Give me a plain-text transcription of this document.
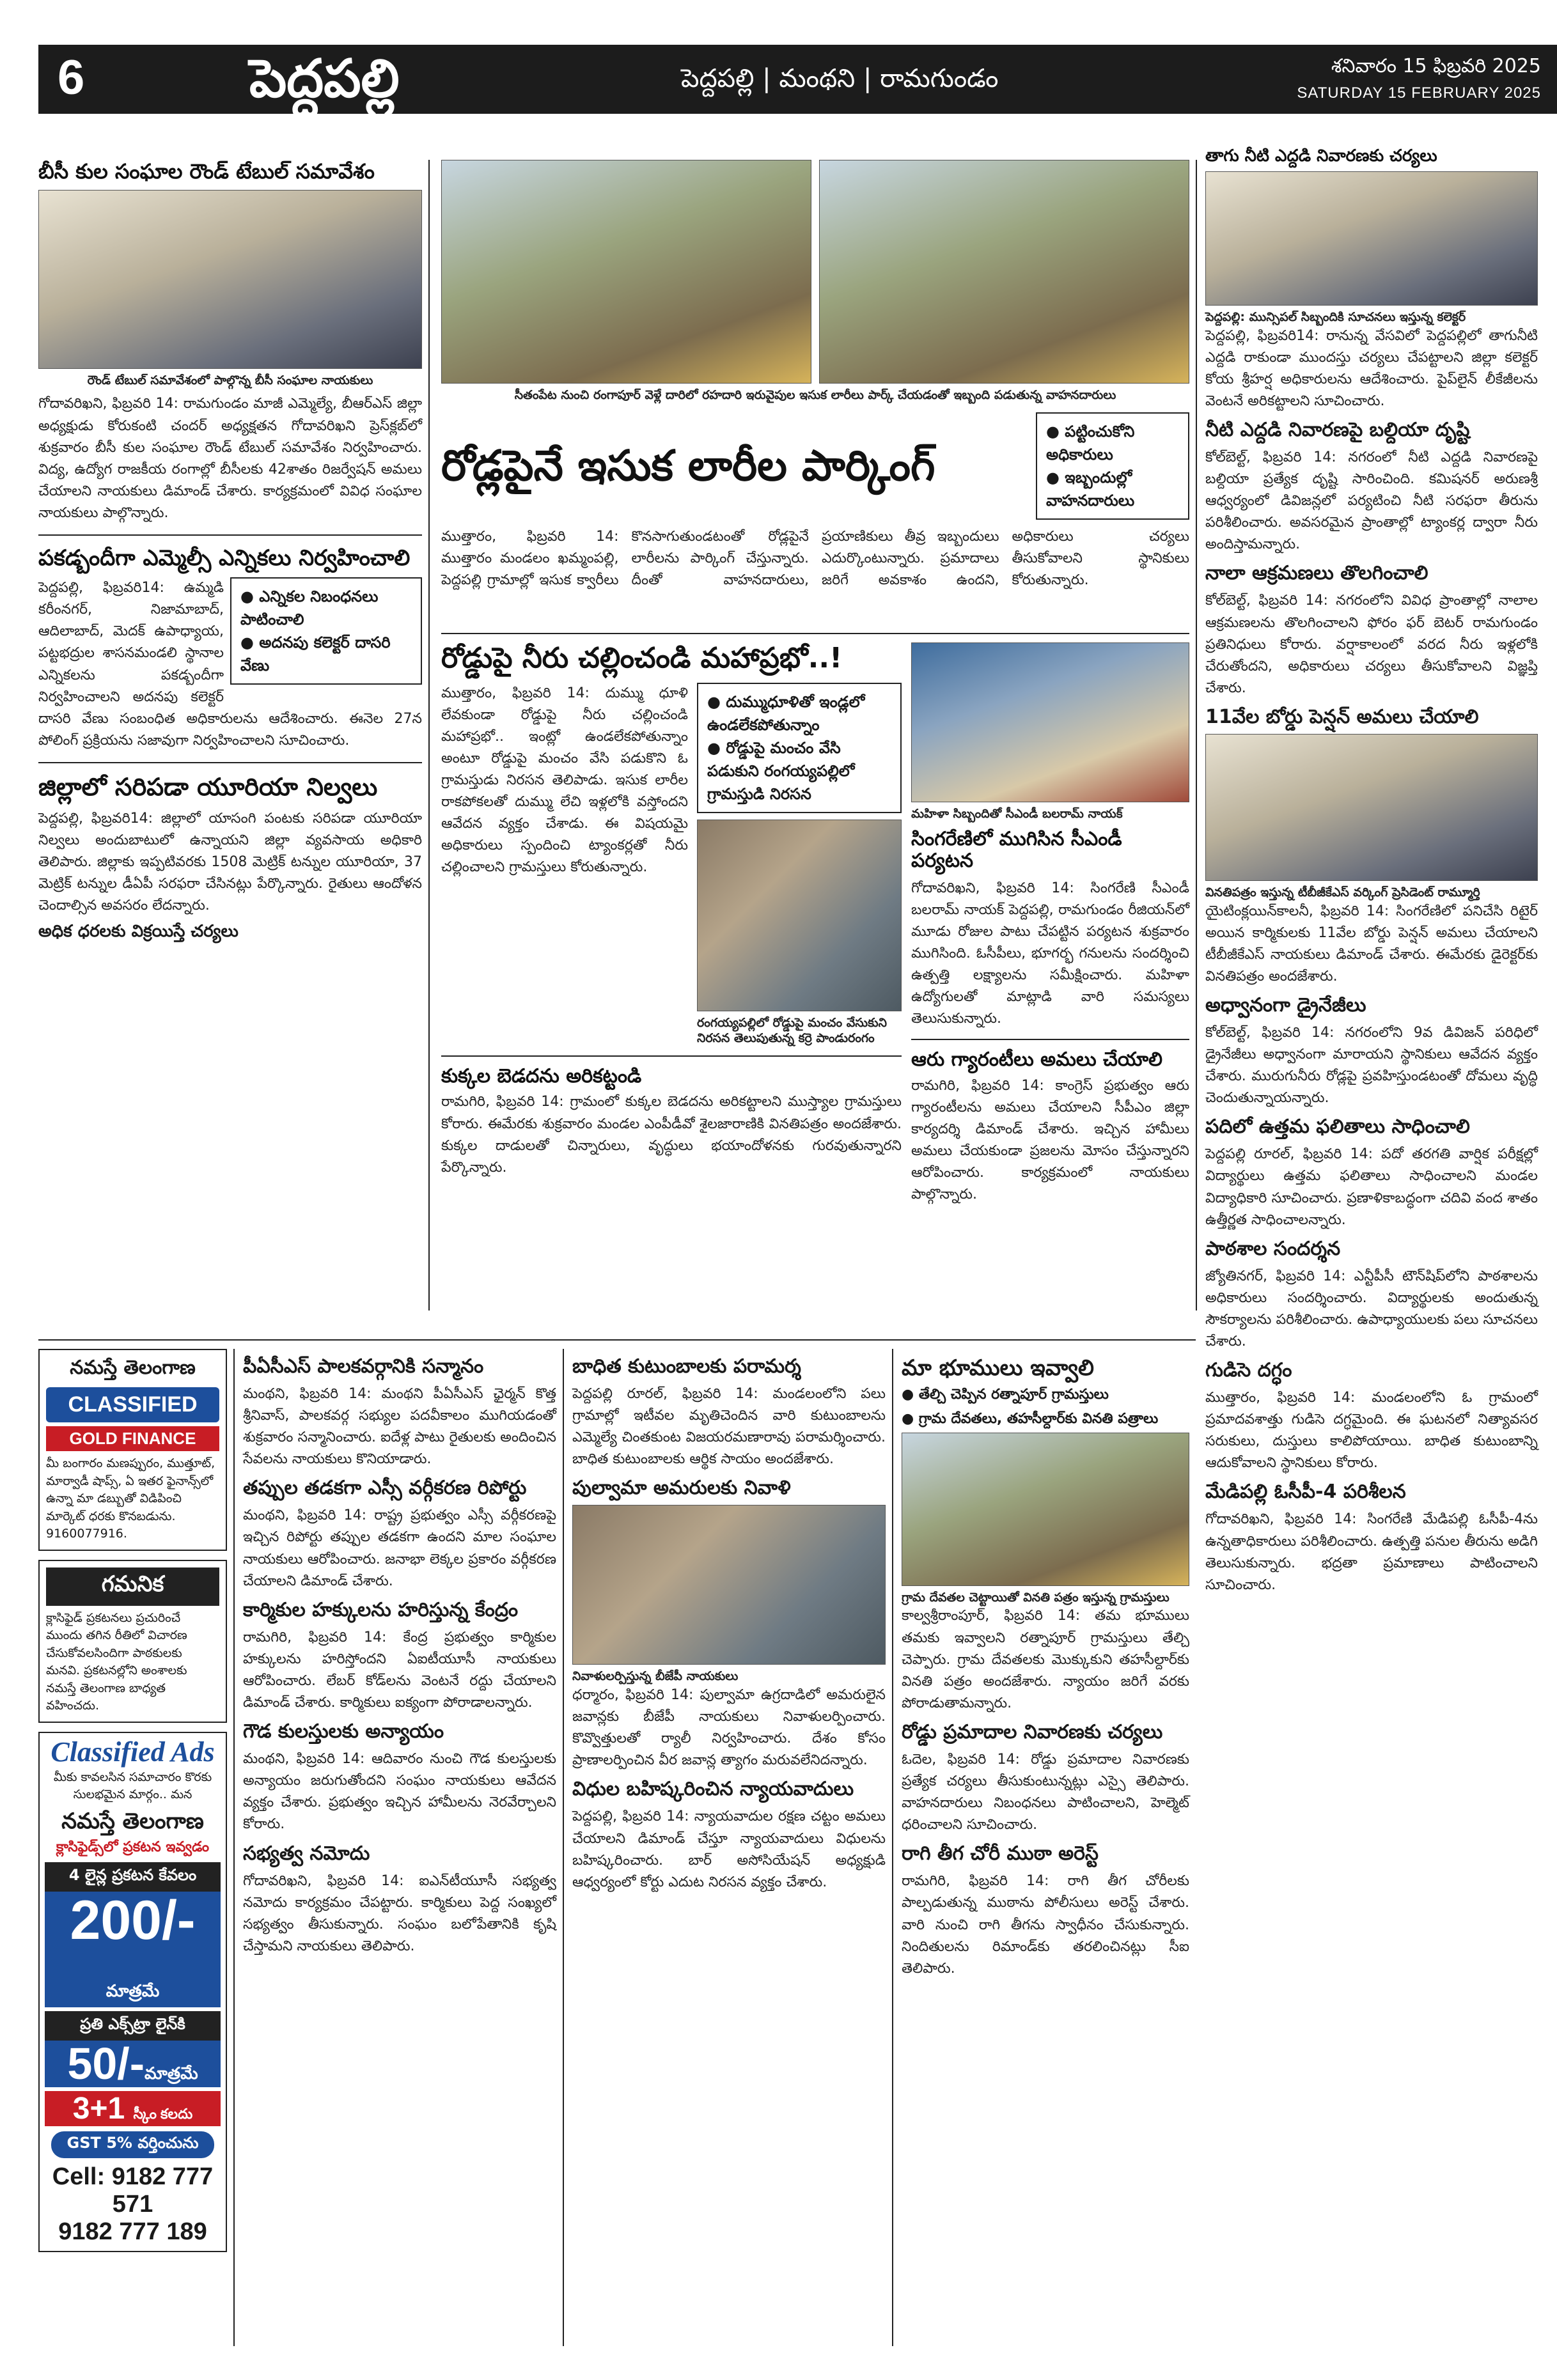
6	పెద్దపల్లి	పెద్దపల్లి | మంథని | రామగుండం	శనివారం 15 ఫిబ్రవరి 2025
SATURDAY 15 FEBRUARY 2025
బీసీ కుల సంఘాల రౌండ్ టేబుల్ సమావేశం
రౌండ్ టేబుల్ సమావేశంలో పాల్గొన్న బీసీ సంఘాల నాయకులు
గోదావరిఖని, ఫిబ్రవరి 14: రామగుండం మాజీ ఎమ్మెల్యే, బీఆర్ఎస్ జిల్లా అధ్యక్షుడు కోరుకంటి చందర్ అధ్యక్షతన గోదావరిఖని ప్రెస్‌క్లబ్‌లో శుక్రవారం బీసీ కుల సంఘాల రౌండ్ టేబుల్ సమావేశం నిర్వహించారు. విద్య, ఉద్యోగ రాజకీయ రంగాల్లో బీసీలకు 42శాతం రిజర్వేషన్ అమలు చేయాలని నాయకులు డిమాండ్ చేశారు. కార్యక్రమంలో వివిధ సంఘాల నాయకులు పాల్గొన్నారు.
పకడ్బందీగా ఎమ్మెల్సీ ఎన్నికలు నిర్వహించాలి
● ఎన్నికల నిబంధనలు పాటించాలి
● అదనపు కలెక్టర్ దాసరి వేణు
పెద్దపల్లి, ఫిబ్రవరి14: ఉమ్మడి కరీంనగర్, నిజామాబాద్, ఆదిలాబాద్, మెదక్ ఉపాధ్యాయ, పట్టభద్రుల శాసనమండలి స్థానాల ఎన్నికలను పకడ్బందీగా నిర్వహించాలని అదనపు కలెక్టర్ దాసరి వేణు సంబంధిత అధికారులను ఆదేశించారు. ఈనెల 27న పోలింగ్ ప్రక్రియను సజావుగా నిర్వహించాలని సూచించారు.
జిల్లాలో సరిపడా యూరియా నిల్వలు
పెద్దపల్లి, ఫిబ్రవరి14: జిల్లాలో యాసంగి పంటకు సరిపడా యూరియా నిల్వలు అందుబాటులో ఉన్నాయని జిల్లా వ్యవసాయ అధికారి తెలిపారు. జిల్లాకు ఇప్పటివరకు 1508 మెట్రిక్ టన్నుల యూరియా, 37 మెట్రిక్ టన్నుల డీఏపీ సరఫరా చేసినట్లు పేర్కొన్నారు. రైతులు ఆందోళన చెందాల్సిన అవసరం లేదన్నారు.
అధిక ధరలకు విక్రయిస్తే చర్యలు
సీతంపేట నుంచి రంగాపూర్ వెళ్లే దారిలో రహదారి ఇరువైపుల ఇసుక లారీలు పార్క్ చేయడంతో ఇబ్బంది పడుతున్న వాహనదారులు
రోడ్లపైనే ఇసుక లారీల పార్కింగ్
● పట్టించుకోని అధికారులు
● ఇబ్బందుల్లో వాహనదారులు
ముత్తారం, ఫిబ్రవరి 14: ముత్తారం మండలం ఖమ్మంపల్లి, పెద్దపల్లి గ్రామాల్లో ఇసుక క్వారీలు కొనసాగుతుండటంతో రోడ్లపైనే లారీలను పార్కింగ్ చేస్తున్నారు. దీంతో వాహనదారులు, ప్రయాణికులు తీవ్ర ఇబ్బందులు ఎదుర్కొంటున్నారు. ప్రమాదాలు జరిగే అవకాశం ఉందని, అధికారులు చర్యలు తీసుకోవాలని స్థానికులు కోరుతున్నారు.
రోడ్డుపై నీరు చల్లించండి మహాప్రభో..!
ముత్తారం, ఫిబ్రవరి 14: దుమ్ము ధూళి లేవకుండా రోడ్డుపై నీరు చల్లించండి మహాప్రభో.. ఇంట్లో ఉండలేకపోతున్నాం అంటూ రోడ్డుపై మంచం వేసి పడుకొని ఓ గ్రామస్తుడు నిరసన తెలిపాడు. ఇసుక లారీల రాకపోకలతో దుమ్ము లేచి ఇళ్లలోకి వస్తోందని ఆవేదన వ్యక్తం చేశాడు. ఈ విషయమై అధికారులు స్పందించి ట్యాంకర్లతో నీరు చల్లించాలని గ్రామస్తులు కోరుతున్నారు.
● దుమ్ముధూళితో ఇండ్లలో ఉండలేకపోతున్నాం
● రోడ్డుపై మంచం వేసి పడుకుని రంగయ్యపల్లిలో గ్రామస్తుడి నిరసన
రంగయ్యపల్లిలో రోడ్డుపై మంచం వేసుకుని నిరసన తెలుపుతున్న కర్రె పాండురంగం
కుక్కల బెడదను అరికట్టండి
రామగిరి, ఫిబ్రవరి 14: గ్రామంలో కుక్కల బెడదను అరికట్టాలని ముస్త్యాల గ్రామస్తులు కోరారు. ఈమేరకు శుక్రవారం మండల ఎంపీడీవో శైలజారాణికి వినతిపత్రం అందజేశారు. కుక్కల దాడులతో చిన్నారులు, వృద్ధులు భయాందోళనకు గురవుతున్నారని పేర్కొన్నారు.
మహిళా సిబ్బందితో సీఎండీ బలరామ్ నాయక్
సింగరేణిలో ముగిసిన సీఎండీ పర్యటన
గోదావరిఖని, ఫిబ్రవరి 14: సింగరేణి సీఎండీ బలరామ్ నాయక్ పెద్దపల్లి, రామగుండం రీజియన్‌లో మూడు రోజుల పాటు చేపట్టిన పర్యటన శుక్రవారం ముగిసింది. ఓసీపీలు, భూగర్భ గనులను సందర్శించి ఉత్పత్తి లక్ష్యాలను సమీక్షించారు. మహిళా ఉద్యోగులతో మాట్లాడి వారి సమస్యలు తెలుసుకున్నారు.
ఆరు గ్యారంటీలు అమలు చేయాలి
రామగిరి, ఫిబ్రవరి 14: కాంగ్రెస్ ప్రభుత్వం ఆరు గ్యారంటీలను అమలు చేయాలని సీపీఎం జిల్లా కార్యదర్శి డిమాండ్ చేశారు. ఇచ్చిన హామీలు అమలు చేయకుండా ప్రజలను మోసం చేస్తున్నారని ఆరోపించారు. కార్యక్రమంలో నాయకులు పాల్గొన్నారు.
తాగు నీటి ఎద్దడి నివారణకు చర్యలు
పెద్దపల్లి: మున్సిపల్ సిబ్బందికి సూచనలు ఇస్తున్న కలెక్టర్
పెద్దపల్లి, ఫిబ్రవరి14: రానున్న వేసవిలో పెద్దపల్లిలో తాగునీటి ఎద్దడి రాకుండా ముందస్తు చర్యలు చేపట్టాలని జిల్లా కలెక్టర్ కోయ శ్రీహర్ష అధికారులను ఆదేశించారు. పైప్‌లైన్ లీకేజీలను వెంటనే అరికట్టాలని సూచించారు.
నీటి ఎద్దడి నివారణపై బల్దియా దృష్టి
కోల్‌బెల్ట్, ఫిబ్రవరి 14: నగరంలో నీటి ఎద్దడి నివారణపై బల్దియా ప్రత్యేక దృష్టి సారించింది. కమిషనర్ అరుణశ్రీ ఆధ్వర్యంలో డివిజన్లలో పర్యటించి నీటి సరఫరా తీరును పరిశీలించారు. అవసరమైన ప్రాంతాల్లో ట్యాంకర్ల ద్వారా నీరు అందిస్తామన్నారు.
నాలా ఆక్రమణలు తొలగించాలి
కోల్‌బెల్ట్, ఫిబ్రవరి 14: నగరంలోని వివిధ ప్రాంతాల్లో నాలాల ఆక్రమణలను తొలగించాలని ఫోరం ఫర్ బెటర్ రామగుండం ప్రతినిధులు కోరారు. వర్షాకాలంలో వరద నీరు ఇళ్లలోకి చేరుతోందని, అధికారులు చర్యలు తీసుకోవాలని విజ్ఞప్తి చేశారు.
11వేల బోర్డు పెన్షన్ అమలు చేయాలి
వినతిపత్రం ఇస్తున్న టీబీజీకేఎస్ వర్కింగ్ ప్రెసిడెంట్ రామ్మూర్తి
యైటింక్లయిన్‌కాలనీ, ఫిబ్రవరి 14: సింగరేణిలో పనిచేసి రిటైర్ అయిన కార్మికులకు 11వేల బోర్డు పెన్షన్ అమలు చేయాలని టీబీజీకేఎస్ నాయకులు డిమాండ్ చేశారు. ఈమేరకు డైరెక్టర్‌కు వినతిపత్రం అందజేశారు.
అధ్వానంగా డ్రైనేజీలు
కోల్‌బెల్ట్, ఫిబ్రవరి 14: నగరంలోని 9వ డివిజన్ పరిధిలో డ్రైనేజీలు అధ్వానంగా మారాయని స్థానికులు ఆవేదన వ్యక్తం చేశారు. మురుగునీరు రోడ్లపై ప్రవహిస్తుండటంతో దోమలు వృద్ధి చెందుతున్నాయన్నారు.
పదిలో ఉత్తమ ఫలితాలు సాధించాలి
పెద్దపల్లి రూరల్, ఫిబ్రవరి 14: పదో తరగతి వార్షిక పరీక్షల్లో విద్యార్థులు ఉత్తమ ఫలితాలు సాధించాలని మండల విద్యాధికారి సూచించారు. ప్రణాళికాబద్ధంగా చదివి వంద శాతం ఉత్తీర్ణత సాధించాలన్నారు.
పాఠశాల సందర్శన
జ్యోతినగర్, ఫిబ్రవరి 14: ఎన్టీపీసీ టౌన్‌షిప్‌లోని పాఠశాలను అధికారులు సందర్శించారు. విద్యార్థులకు అందుతున్న సౌకర్యాలను పరిశీలించారు. ఉపాధ్యాయులకు పలు సూచనలు చేశారు.
గుడిసె దగ్ధం
ముత్తారం, ఫిబ్రవరి 14: మండలంలోని ఓ గ్రామంలో ప్రమాదవశాత్తు గుడిసె దగ్ధమైంది. ఈ ఘటనలో నిత్యావసర సరుకులు, దుస్తులు కాలిపోయాయి. బాధిత కుటుంబాన్ని ఆదుకోవాలని స్థానికులు కోరారు.
మేడిపల్లి ఓసీపీ-4 పరిశీలన
గోదావరిఖని, ఫిబ్రవరి 14: సింగరేణి మేడిపల్లి ఓసీపీ-4ను ఉన్నతాధికారులు పరిశీలించారు. ఉత్పత్తి పనుల తీరును అడిగి తెలుసుకున్నారు. భద్రతా ప్రమాణాలు పాటించాలని సూచించారు.
నమస్తే తెలంగాణ
CLASSIFIED
GOLD FINANCE
మీ బంగారం మణప్పురం, ముత్తూట్, మార్వాడీ షాప్స్, ఏ ఇతర ఫైనాన్స్‌లో ఉన్నా మా డబ్బుతో విడిపించి మార్కెట్ ధరకు కొనబడును. 9160077916.
గమనిక
క్లాసిఫైడ్ ప్రకటనలు ప్రచురించే ముందు తగిన రీతిలో విచారణ చేసుకోవలసిందిగా పాఠకులకు మనవి. ప్రకటనల్లోని అంశాలకు నమస్తే తెలంగాణ బాధ్యత వహించదు.
Classified Ads
మీకు కావలసిన సమాచారం కొరకు సులభమైన మార్గం.. మన
నమస్తే తెలంగాణ
క్లాసిఫైడ్స్‌లో ప్రకటన ఇవ్వడం
4 లైన్ల ప్రకటన కేవలం
200/-మాత్రమే
ప్రతి ఎక్స్‌ట్రా లైన్‌కి
50/-మాత్రమే
3+1 స్కీం కలదు
GST 5% వర్తించును
Cell: 9182 777 571
9182 777 189
పీఏసీఎస్ పాలకవర్గానికి సన్మానం
మంథని, ఫిబ్రవరి 14: మంథని పీఏసీఎస్ ఛైర్మన్ కొత్త శ్రీనివాస్, పాలకవర్గ సభ్యుల పదవీకాలం ముగియడంతో శుక్రవారం సన్మానించారు. ఐదేళ్ల పాటు రైతులకు అందించిన సేవలను నాయకులు కొనియాడారు.
తప్పుల తడకగా ఎస్సీ వర్గీకరణ రిపోర్టు
మంథని, ఫిబ్రవరి 14: రాష్ట్ర ప్రభుత్వం ఎస్సీ వర్గీకరణపై ఇచ్చిన రిపోర్టు తప్పుల తడకగా ఉందని మాల సంఘాల నాయకులు ఆరోపించారు. జనాభా లెక్కల ప్రకారం వర్గీకరణ చేయాలని డిమాండ్ చేశారు.
కార్మికుల హక్కులను హరిస్తున్న కేంద్రం
రామగిరి, ఫిబ్రవరి 14: కేంద్ర ప్రభుత్వం కార్మికుల హక్కులను హరిస్తోందని ఏఐటీయూసీ నాయకులు ఆరోపించారు. లేబర్ కోడ్‌లను వెంటనే రద్దు చేయాలని డిమాండ్ చేశారు. కార్మికులు ఐక్యంగా పోరాడాలన్నారు.
గౌడ కులస్తులకు అన్యాయం
మంథని, ఫిబ్రవరి 14: ఆదివారం నుంచి గౌడ కులస్తులకు అన్యాయం జరుగుతోందని సంఘం నాయకులు ఆవేదన వ్యక్తం చేశారు. ప్రభుత్వం ఇచ్చిన హామీలను నెరవేర్చాలని కోరారు.
సభ్యత్వ నమోదు
గోదావరిఖని, ఫిబ్రవరి 14: ఐఎన్‌టీయూసీ సభ్యత్వ నమోదు కార్యక్రమం చేపట్టారు. కార్మికులు పెద్ద సంఖ్యలో సభ్యత్వం తీసుకున్నారు. సంఘం బలోపేతానికి కృషి చేస్తామని నాయకులు తెలిపారు.
బాధిత కుటుంబాలకు పరామర్శ
పెద్దపల్లి రూరల్, ఫిబ్రవరి 14: మండలంలోని పలు గ్రామాల్లో ఇటీవల మృతిచెందిన వారి కుటుంబాలను ఎమ్మెల్యే చింతకుంట విజయరమణారావు పరామర్శించారు. బాధిత కుటుంబాలకు ఆర్థిక సాయం అందజేశారు.
పుల్వామా అమరులకు నివాళి
నివాళులర్పిస్తున్న బీజేపీ నాయకులు
ధర్మారం, ఫిబ్రవరి 14: పుల్వామా ఉగ్రదాడిలో అమరులైన జవాన్లకు బీజేపీ నాయకులు నివాళులర్పించారు. కొవ్వొత్తులతో ర్యాలీ నిర్వహించారు. దేశం కోసం ప్రాణాలర్పించిన వీర జవాన్ల త్యాగం మరువలేనిదన్నారు.
విధుల బహిష్కరించిన న్యాయవాదులు
పెద్దపల్లి, ఫిబ్రవరి 14: న్యాయవాదుల రక్షణ చట్టం అమలు చేయాలని డిమాండ్ చేస్తూ న్యాయవాదులు విధులను బహిష్కరించారు. బార్ అసోసియేషన్ అధ్యక్షుడి ఆధ్వర్యంలో కోర్టు ఎదుట నిరసన వ్యక్తం చేశారు.
మా భూములు ఇవ్వాలి
● తేల్చి చెప్పిన రత్నాపూర్ గ్రామస్తులు
● గ్రామ దేవతలు, తహసీల్దార్‌కు వినతి పత్రాలు
గ్రామ దేవతల చెట్టాయితో వినతి పత్రం ఇస్తున్న గ్రామస్తులు
కాల్వశ్రీరాంపూర్, ఫిబ్రవరి 14: తమ భూములు తమకు ఇవ్వాలని రత్నాపూర్ గ్రామస్తులు తేల్చి చెప్పారు. గ్రామ దేవతలకు మొక్కుకుని తహసీల్దార్‌కు వినతి పత్రం అందజేశారు. న్యాయం జరిగే వరకు పోరాడుతామన్నారు.
రోడ్డు ప్రమాదాల నివారణకు చర్యలు
ఓదెల, ఫిబ్రవరి 14: రోడ్డు ప్రమాదాల నివారణకు ప్రత్యేక చర్యలు తీసుకుంటున్నట్లు ఎస్సై తెలిపారు. వాహనదారులు నిబంధనలు పాటించాలని, హెల్మెట్ ధరించాలని సూచించారు.
రాగి తీగ చోరీ ముఠా అరెస్ట్
రామగిరి, ఫిబ్రవరి 14: రాగి తీగ చోరీలకు పాల్పడుతున్న ముఠాను పోలీసులు అరెస్ట్ చేశారు. వారి నుంచి రాగి తీగను స్వాధీనం చేసుకున్నారు. నిందితులను రిమాండ్‌కు తరలించినట్లు సీఐ తెలిపారు.
